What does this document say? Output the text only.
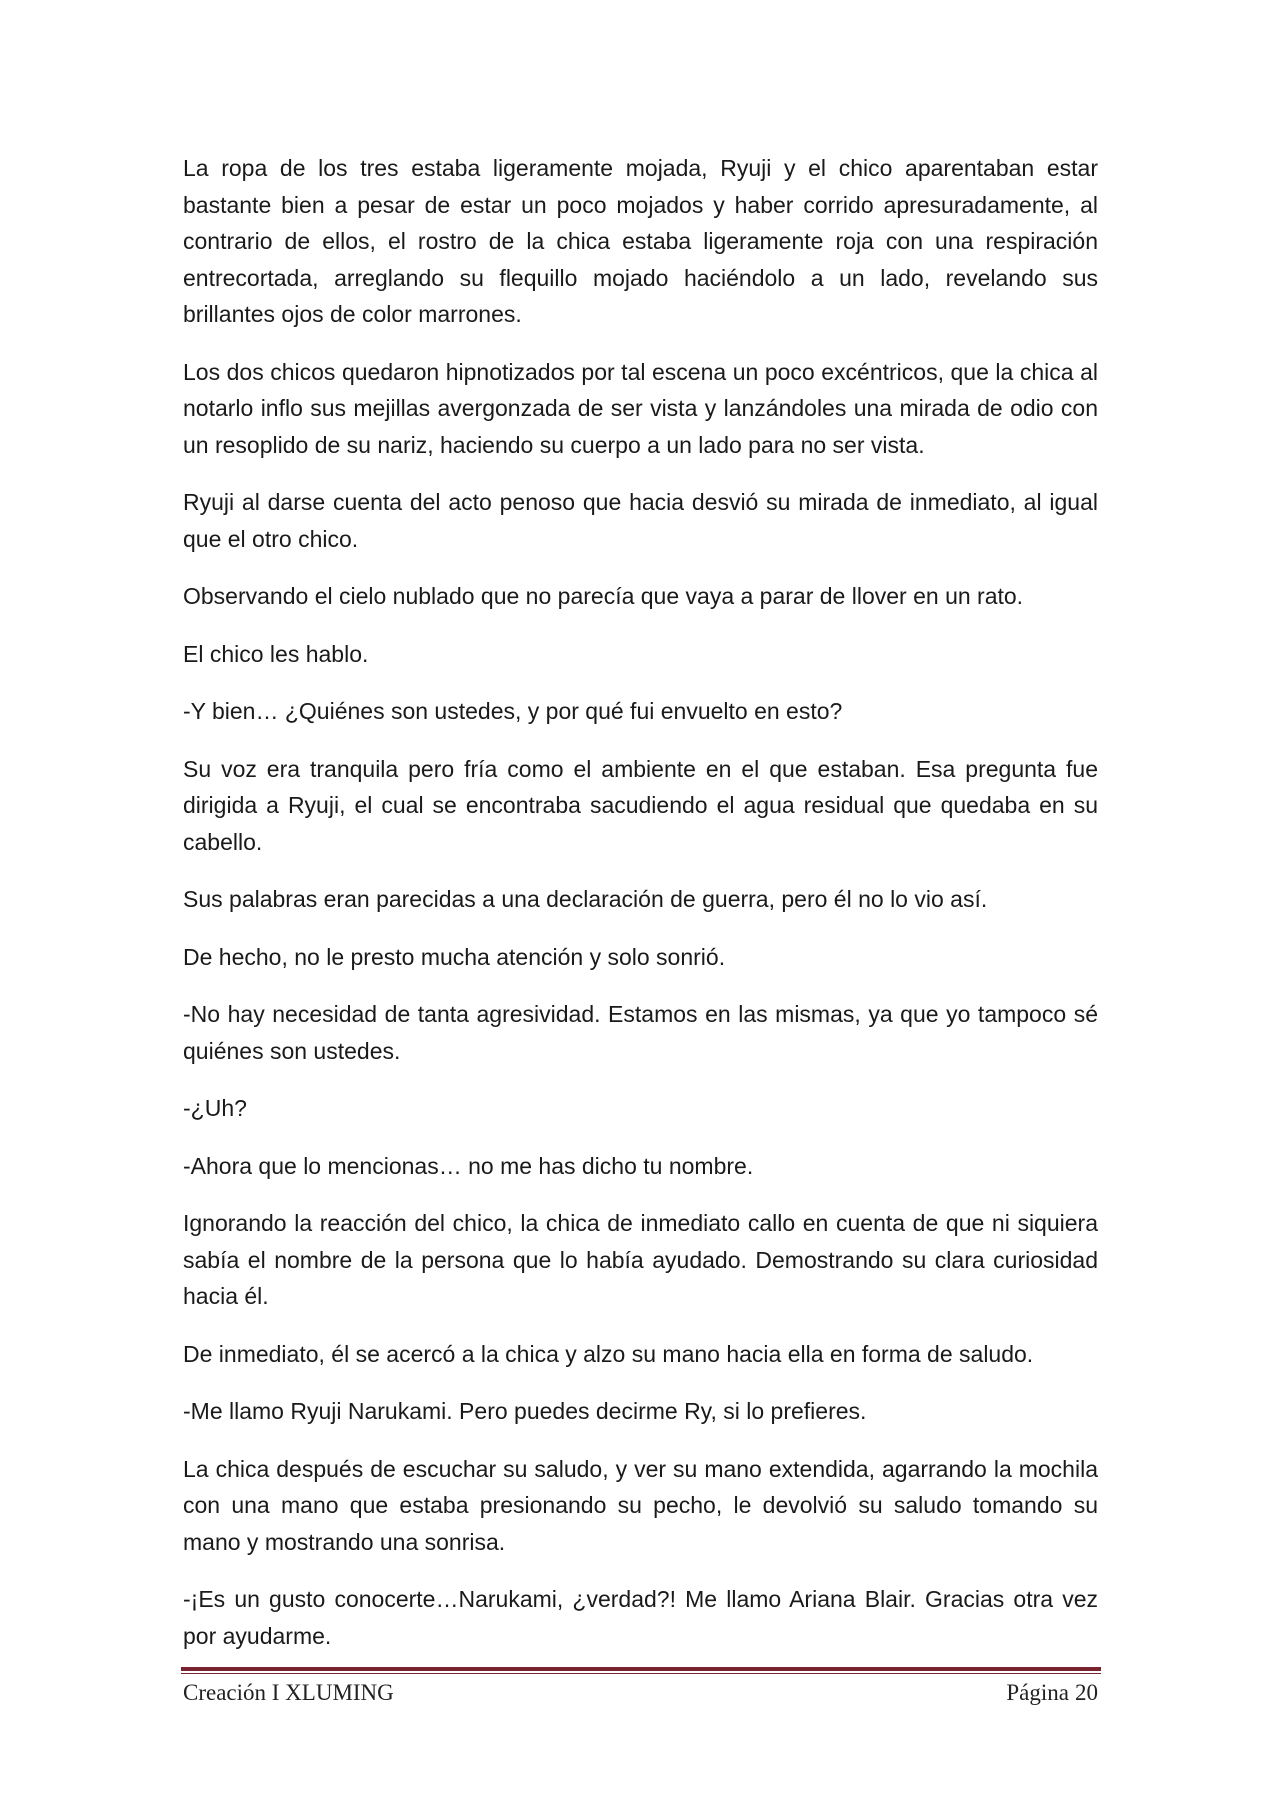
La ropa de los tres estaba ligeramente mojada, Ryuji y el chico aparentaban estar bastante bien a pesar de estar un poco mojados y haber corrido apresuradamente, al contrario de ellos, el rostro de la chica estaba ligeramente roja con una respiración entrecortada, arreglando su flequillo mojado haciéndolo a un lado, revelando sus brillantes ojos de color marrones.

Los dos chicos quedaron hipnotizados por tal escena un poco excéntricos, que la chica al notarlo inflo sus mejillas avergonzada de ser vista y lanzándoles una mirada de odio con un resoplido de su nariz, haciendo su cuerpo a un lado para no ser vista.

Ryuji al darse cuenta del acto penoso que hacia desvió su mirada de inmediato, al igual que el otro chico.

Observando el cielo nublado que no parecía que vaya a parar de llover en un rato.

El chico les hablo.

-Y bien… ¿Quiénes son ustedes, y por qué fui envuelto en esto?

Su voz era tranquila pero fría como el ambiente en el que estaban. Esa pregunta fue dirigida a Ryuji, el cual se encontraba sacudiendo el agua residual que quedaba en su cabello.

Sus palabras eran parecidas a una declaración de guerra, pero él no lo vio así.

De hecho, no le presto mucha atención y solo sonrió.

-No hay necesidad de tanta agresividad. Estamos en las mismas, ya que yo tampoco sé quiénes son ustedes.

-¿Uh?

-Ahora que lo mencionas… no me has dicho tu nombre.

Ignorando la reacción del chico, la chica de inmediato callo en cuenta de que ni siquiera sabía el nombre de la persona que lo había ayudado. Demostrando su clara curiosidad hacia él.

De inmediato, él se acercó a la chica y alzo su mano hacia ella en forma de saludo.

-Me llamo Ryuji Narukami. Pero puedes decirme Ry, si lo prefieres.

La chica después de escuchar su saludo, y ver su mano extendida, agarrando la mochila con una mano que estaba presionando su pecho, le devolvió su saludo tomando su mano y mostrando una sonrisa.

-¡Es un gusto conocerte…Narukami, ¿verdad?! Me llamo Ariana Blair. Gracias otra vez por ayudarme.

Creación I XLUMING	Página 20
